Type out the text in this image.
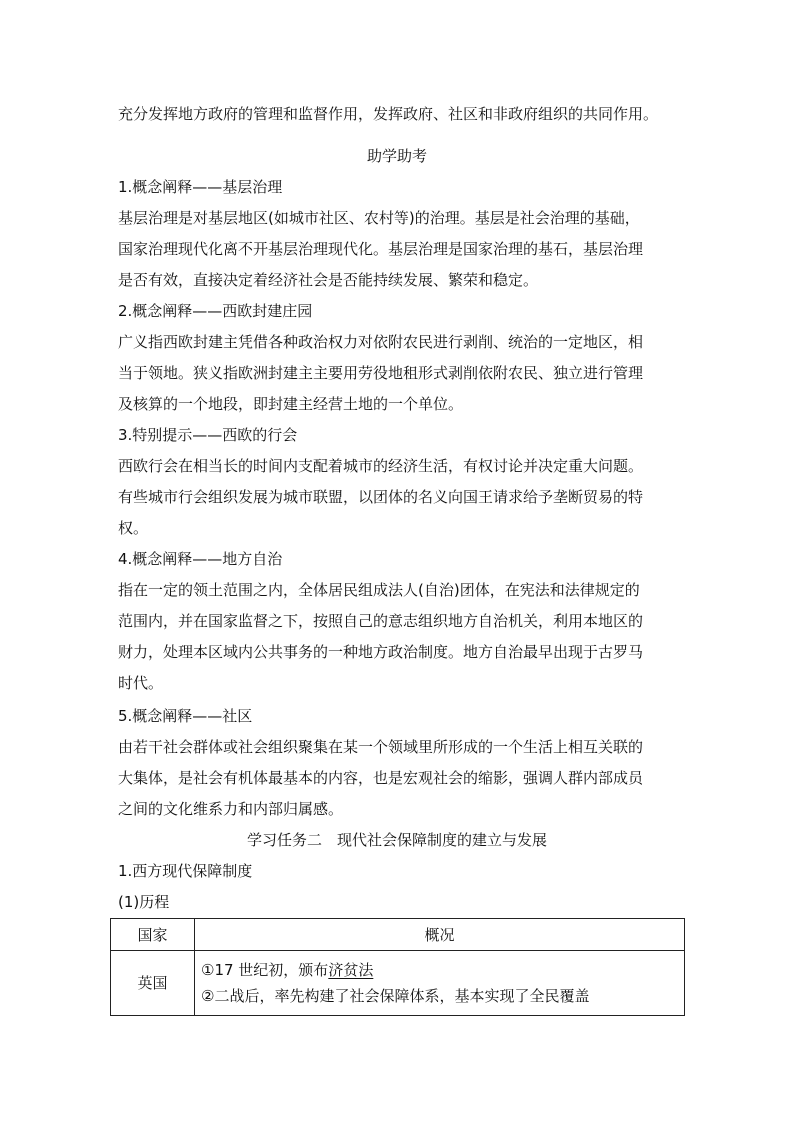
充分发挥地方政府的管理和监督作用，发挥政府、社区和非政府组织的共同作用。
助学助考
1.概念阐释——基层治理
基层治理是对基层地区(如城市社区、农村等)的治理。基层是社会治理的基础，
国家治理现代化离不开基层治理现代化。基层治理是国家治理的基石，基层治理
是否有效，直接决定着经济社会是否能持续发展、繁荣和稳定。
2.概念阐释——西欧封建庄园
广义指西欧封建主凭借各种政治权力对依附农民进行剥削、统治的一定地区，相
当于领地。狭义指欧洲封建主主要用劳役地租形式剥削依附农民、独立进行管理
及核算的一个地段，即封建主经营土地的一个单位。
3.特别提示——西欧的行会
西欧行会在相当长的时间内支配着城市的经济生活，有权讨论并决定重大问题。
有些城市行会组织发展为城市联盟，以团体的名义向国王请求给予垄断贸易的特
权。
4.概念阐释——地方自治
指在一定的领土范围之内，全体居民组成法人(自治)团体，在宪法和法律规定的
范围内，并在国家监督之下，按照自己的意志组织地方自治机关，利用本地区的
财力，处理本区域内公共事务的一种地方政治制度。地方自治最早出现于古罗马
时代。
5.概念阐释——社区
由若干社会群体或社会组织聚集在某一个领域里所形成的一个生活上相互关联的
大集体，是社会有机体最基本的内容，也是宏观社会的缩影，强调人群内部成员
之间的文化维系力和内部归属感。
学习任务二　现代社会保障制度的建立与发展
1.西方现代保障制度
(1)历程
国家	概况
英国	①17 世纪初，颁布济贫法
②二战后，率先构建了社会保障体系，基本实现了全民覆盖
